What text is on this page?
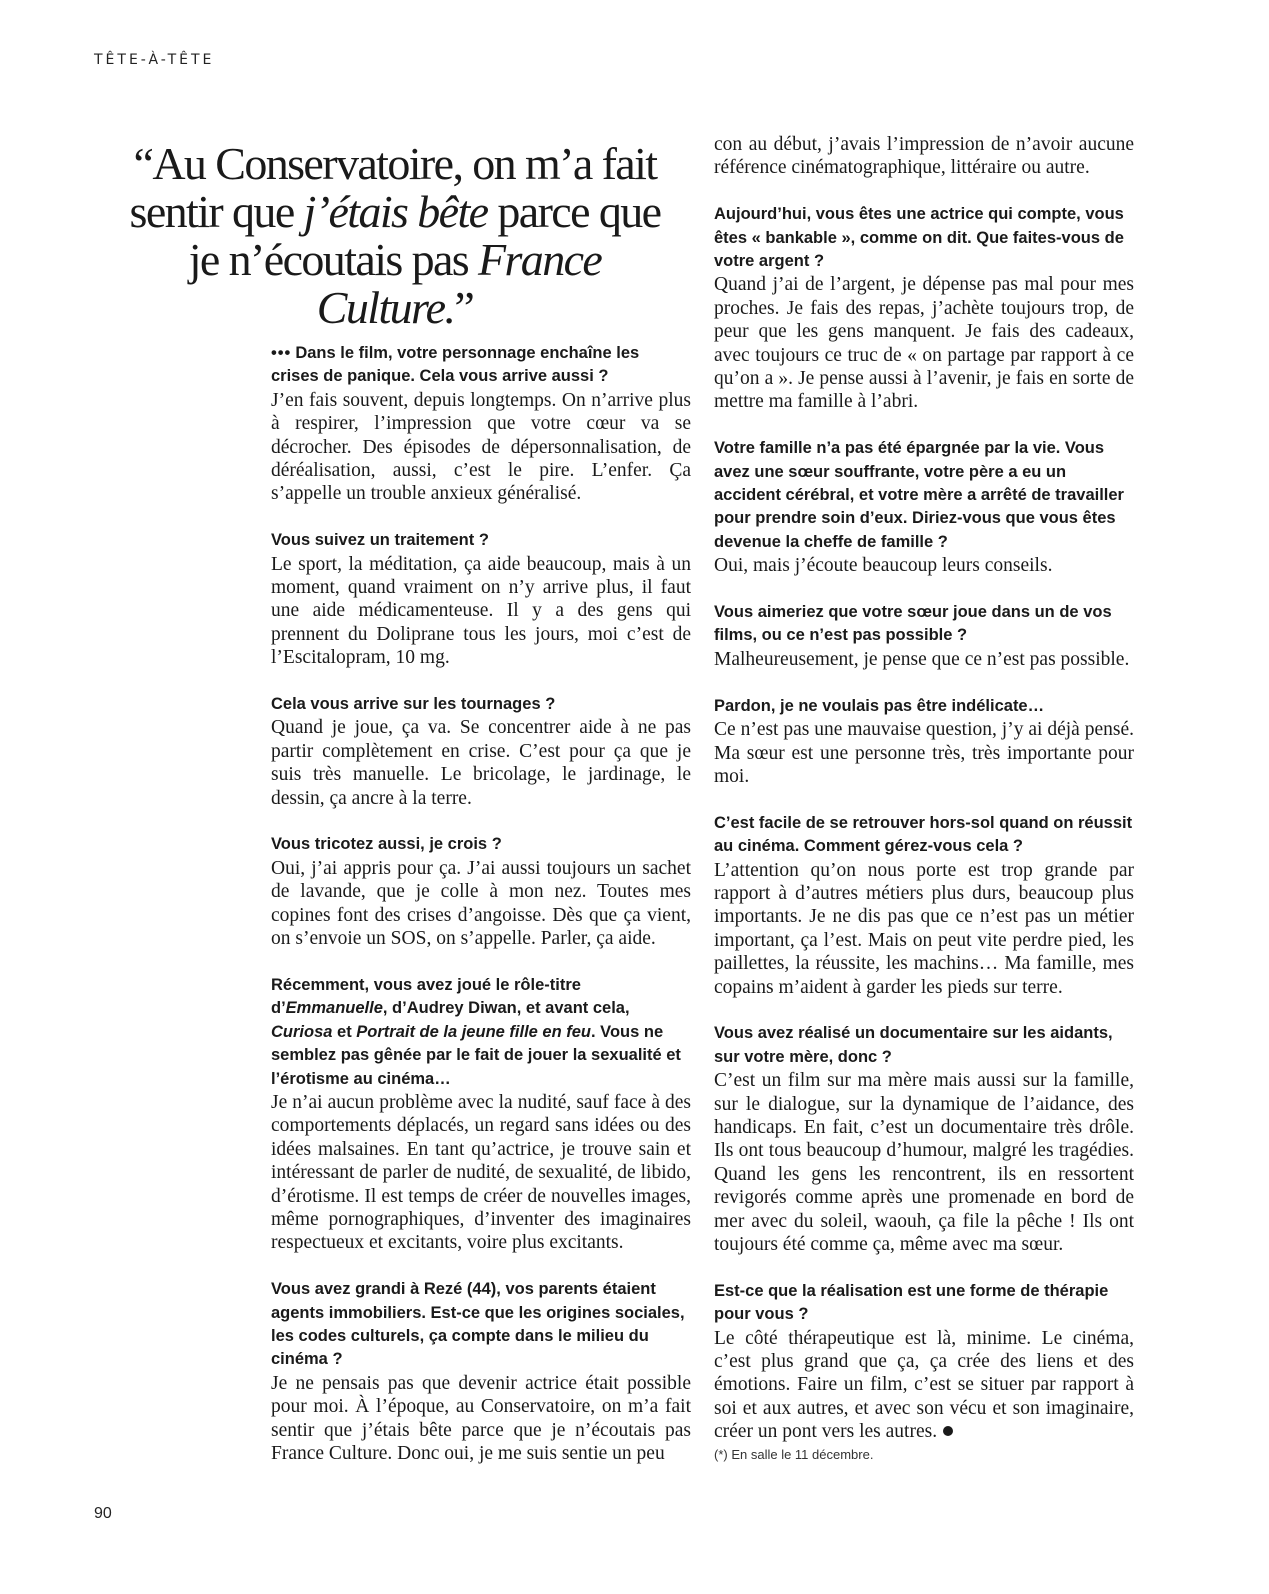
TÊTE-À-TÊTE
“Au Conservatoire, on m’a fait sentir que j’étais bête parce que je n’écoutais pas France Culture.”
••• Dans le film, votre personnage enchaîne les crises de panique. Cela vous arrive aussi ?
J’en fais souvent, depuis longtemps. On n’arrive plus à respirer, l’impression que votre cœur va se décrocher. Des épisodes de dépersonnalisation, de déréalisation, aussi, c’est le pire. L’enfer. Ça s’appelle un trouble anxieux généralisé.
Vous suivez un traitement ?
Le sport, la méditation, ça aide beaucoup, mais à un moment, quand vraiment on n’y arrive plus, il faut une aide médicamenteuse. Il y a des gens qui prennent du Doliprane tous les jours, moi c’est de l’Escitalopram, 10 mg.
Cela vous arrive sur les tournages ?
Quand je joue, ça va. Se concentrer aide à ne pas partir complètement en crise. C’est pour ça que je suis très manuelle. Le bricolage, le jardinage, le dessin, ça ancre à la terre.
Vous tricotez aussi, je crois ?
Oui, j’ai appris pour ça. J’ai aussi toujours un sachet de lavande, que je colle à mon nez. Toutes mes copines font des crises d’angoisse. Dès que ça vient, on s’envoie un SOS, on s’appelle. Parler, ça aide.
Récemment, vous avez joué le rôle-titre d’Emmanuelle, d’Audrey Diwan, et avant cela, Curiosa et Portrait de la jeune fille en feu. Vous ne semblez pas gênée par le fait de jouer la sexualité et l’érotisme au cinéma…
Je n’ai aucun problème avec la nudité, sauf face à des comportements déplacés, un regard sans idées ou des idées malsaines. En tant qu’actrice, je trouve sain et intéressant de parler de nudité, de sexualité, de libido, d’érotisme. Il est temps de créer de nouvelles images, même pornographiques, d’inventer des imaginaires respectueux et excitants, voire plus excitants.
Vous avez grandi à Rezé (44), vos parents étaient agents immobiliers. Est-ce que les origines sociales, les codes culturels, ça compte dans le milieu du cinéma ?
Je ne pensais pas que devenir actrice était possible pour moi. À l’époque, au Conservatoire, on m’a fait sentir que j’étais bête parce que je n’écoutais pas France Culture. Donc oui, je me suis sentie un peu
con au début, j’avais l’impression de n’avoir aucune référence cinématographique, littéraire ou autre.
Aujourd’hui, vous êtes une actrice qui compte, vous êtes « bankable », comme on dit. Que faites-vous de votre argent ?
Quand j’ai de l’argent, je dépense pas mal pour mes proches. Je fais des repas, j’achète toujours trop, de peur que les gens manquent. Je fais des cadeaux, avec toujours ce truc de « on partage par rapport à ce qu’on a ». Je pense aussi à l’avenir, je fais en sorte de mettre ma famille à l’abri.
Votre famille n’a pas été épargnée par la vie. Vous avez une sœur souffrante, votre père a eu un accident cérébral, et votre mère a arrêté de travailler pour prendre soin d’eux. Diriez-vous que vous êtes devenue la cheffe de famille ?
Oui, mais j’écoute beaucoup leurs conseils.
Vous aimeriez que votre sœur joue dans un de vos films, ou ce n’est pas possible ?
Malheureusement, je pense que ce n’est pas possible.
Pardon, je ne voulais pas être indélicate…
Ce n’est pas une mauvaise question, j’y ai déjà pensé. Ma sœur est une personne très, très importante pour moi.
C’est facile de se retrouver hors-sol quand on réussit au cinéma. Comment gérez-vous cela ?
L’attention qu’on nous porte est trop grande par rapport à d’autres métiers plus durs, beaucoup plus importants. Je ne dis pas que ce n’est pas un métier important, ça l’est. Mais on peut vite perdre pied, les paillettes, la réussite, les machins… Ma famille, mes copains m’aident à garder les pieds sur terre.
Vous avez réalisé un documentaire sur les aidants, sur votre mère, donc ?
C’est un film sur ma mère mais aussi sur la famille, sur le dialogue, sur la dynamique de l’aidance, des handicaps. En fait, c’est un documentaire très drôle. Ils ont tous beaucoup d’humour, malgré les tragédies. Quand les gens les rencontrent, ils en ressortent revigorés comme après une promenade en bord de mer avec du soleil, waouh, ça file la pêche ! Ils ont toujours été comme ça, même avec ma sœur.
Est-ce que la réalisation est une forme de thérapie pour vous ?
Le côté thérapeutique est là, minime. Le cinéma, c’est plus grand que ça, ça crée des liens et des émotions. Faire un film, c’est se situer par rapport à soi et aux autres, et avec son vécu et son imaginaire, créer un pont vers les autres.
(*) En salle le 11 décembre.
90
